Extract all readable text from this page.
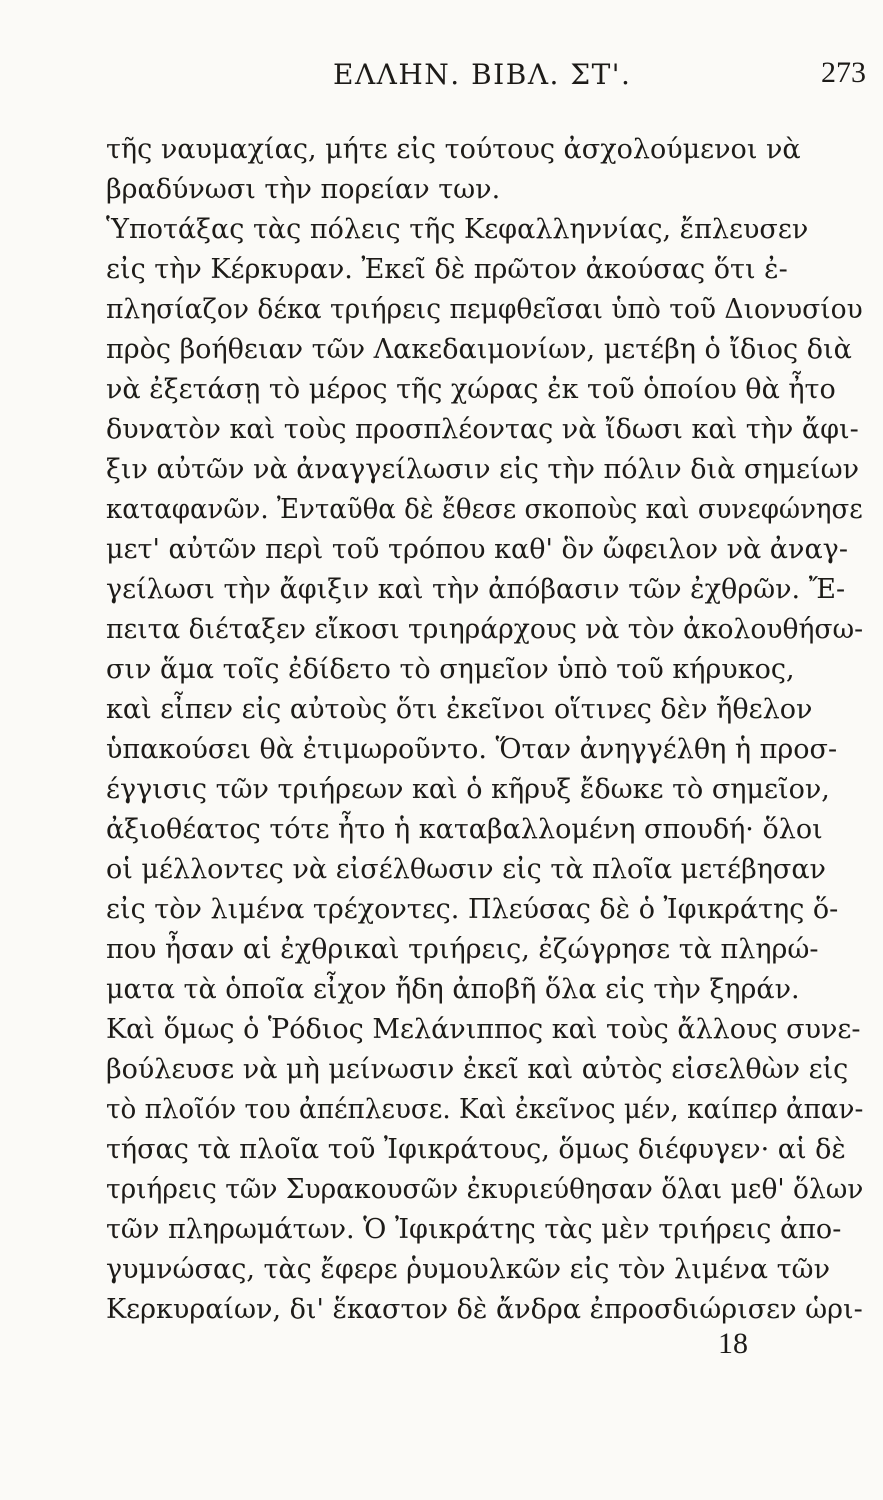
ΕΛΛΗΝ. ΒΙΒΛ. ΣΤ'.	273
τῆς ναυμαχίας, μήτε εἰς τούτους ἀσχολούμενοι νὰ
βραδύνωσι τὴν πορείαν των.
Ὑποτάξας τὰς πόλεις τῆς Κεφαλληννίας, ἔπλευσεν
εἰς τὴν Κέρκυραν. Ἐκεῖ δὲ πρῶτον ἀκούσας ὅτι ἐ-
πλησίαζον δέκα τριήρεις πεμφθεῖσαι ὑπὸ τοῦ Διονυσίου
πρὸς βοήθειαν τῶν Λακεδαιμονίων, μετέβη ὁ ἴδιος διὰ
νὰ ἐξετάσῃ τὸ μέρος τῆς χώρας ἐκ τοῦ ὁποίου θὰ ἦτο
δυνατὸν καὶ τοὺς προσπλέοντας νὰ ἴδωσι καὶ τὴν ἄφι-
ξιν αὐτῶν νὰ ἀναγγείλωσιν εἰς τὴν πόλιν διὰ σημείων
καταφανῶν. Ἐνταῦθα δὲ ἔθεσε σκοποὺς καὶ συνεφώνησε
μετ' αὐτῶν περὶ τοῦ τρόπου καθ' ὃν ὤφειλον νὰ ἀναγ-
γείλωσι τὴν ἄφιξιν καὶ τὴν ἀπόβασιν τῶν ἐχθρῶν. Ἔ-
πειτα διέταξεν εἴκοσι τριηράρχους νὰ τὸν ἀκολουθήσω-
σιν ἅμα τοῖς ἐδίδετο τὸ σημεῖον ὑπὸ τοῦ κήρυκος,
καὶ εἶπεν εἰς αὐτοὺς ὅτι ἐκεῖνοι οἵτινες δὲν ἤθελον
ὑπακούσει θὰ ἐτιμωροῦντο. Ὅταν ἀνηγγέλθη ἡ προσ-
έγγισις τῶν τριήρεων καὶ ὁ κῆρυξ ἔδωκε τὸ σημεῖον,
ἀξιοθέατος τότε ἦτο ἡ καταβαλλομένη σπουδή· ὅλοι
οἱ μέλλοντες νὰ εἰσέλθωσιν εἰς τὰ πλοῖα μετέβησαν
εἰς τὸν λιμένα τρέχοντες. Πλεύσας δὲ ὁ Ἰφικράτης ὅ-
που ἦσαν αἱ ἐχθρικαὶ τριήρεις, ἐζώγρησε τὰ πληρώ-
ματα τὰ ὁποῖα εἶχον ἤδη ἀποβῆ ὅλα εἰς τὴν ξηράν.
Καὶ ὅμως ὁ Ῥόδιος Μελάνιππος καὶ τοὺς ἄλλους συνε-
βούλευσε νὰ μὴ μείνωσιν ἐκεῖ καὶ αὐτὸς εἰσελθὼν εἰς
τὸ πλοῖόν του ἀπέπλευσε. Καὶ ἐκεῖνος μέν, καίπερ ἀπαν-
τήσας τὰ πλοῖα τοῦ Ἰφικράτους, ὅμως διέφυγεν· αἱ δὲ
τριήρεις τῶν Συρακουσῶν ἐκυριεύθησαν ὅλαι μεθ' ὅλων
τῶν πληρωμάτων. Ὁ Ἰφικράτης τὰς μὲν τριήρεις ἀπο-
γυμνώσας, τὰς ἔφερε ῥυμουλκῶν εἰς τὸν λιμένα τῶν
Κερκυραίων, δι' ἕκαστον δὲ ἄνδρα ἐπροσδιώρισεν ὡρι-
18
